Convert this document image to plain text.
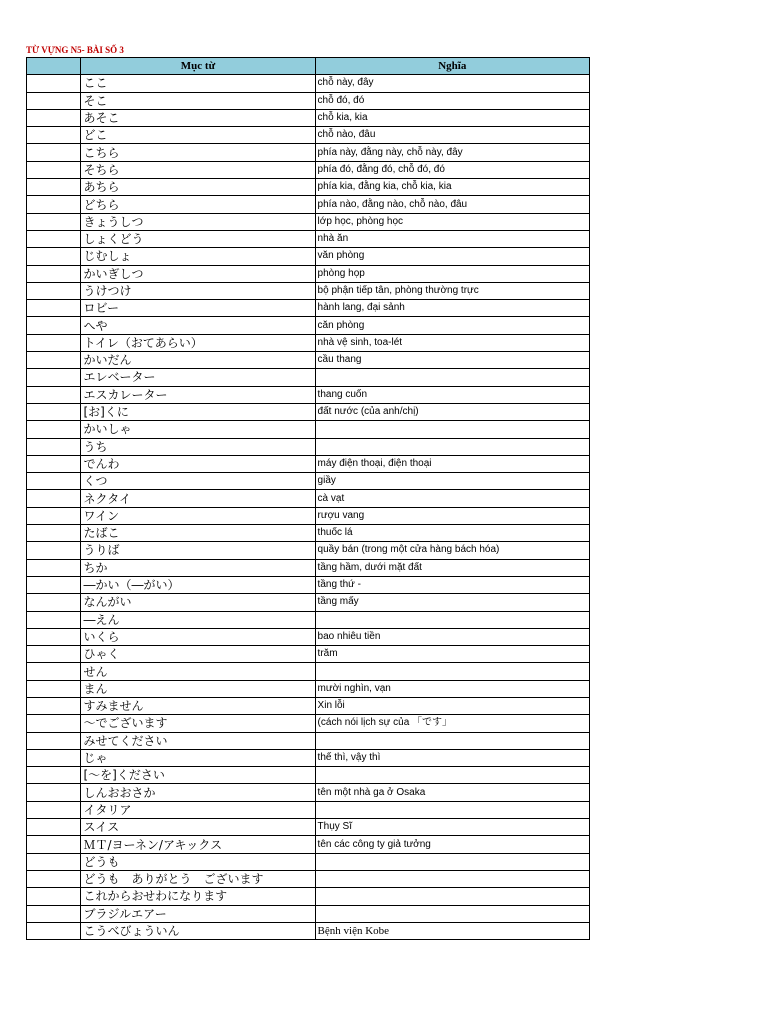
TỪ VỰNG N5- BÀI SỐ 3
	Mục từ	Nghĩa
	ここ	chỗ này, đây
	そこ	chỗ đó, đó
	あそこ	chỗ kia, kia
	どこ	chỗ nào, đâu
	こちら	phía này, đằng này, chỗ này, đây
	そちら	phía đó, đằng đó, chỗ đó, đó
	あちら	phía kia, đằng kia, chỗ kia, kia
	どちら	phía nào, đằng nào, chỗ nào, đâu
	きょうしつ	lớp học, phòng học
	しょくどう	nhà ăn
	じむしょ	văn phòng
	かいぎしつ	phòng họp
	うけつけ	bộ phận tiếp tân, phòng thường trực
	ロビー	hành lang, đại sảnh
	へや	căn phòng
	トイレ（おてあらい）	nhà vệ sinh, toa-lét
	かいだん	cầu thang
	エレベーター	
	エスカレーター	thang cuốn
	[お]くに	đất nước (của anh/chị)
	かいしゃ	
	うち	
	でんわ	máy điện thoại, điện thoại
	くつ	giầy
	ネクタイ	cà vạt
	ワイン	rượu vang
	たばこ	thuốc lá
	うりば	quầy bán (trong một cửa hàng bách hóa)
	ちか	tầng hầm, dưới mặt đất
	―かい（―がい）	tầng thứ -
	なんがい	tầng mấy
	―えん	
	いくら	bao nhiêu tiền
	ひゃく	trăm
	せん	
	まん	mười nghìn, vạn
	すみません	Xin lỗi
	～でございます	(cách nói lịch sự của 「です」
	みせてください	
	じゃ	thế thì, vậy thì
	[～を]ください	
	しんおおさか	tên một nhà ga ở Osaka
	イタリア	
	スイス	Thụy Sĩ
	ＭＴ/ヨーネン/アキックス	tên các công ty giả tưởng
	どうも	
	どうも　ありがとう　ございます	
	これからおせわになります	
	ブラジルエアー	
	こうべびょういん	Bệnh viện Kobe
